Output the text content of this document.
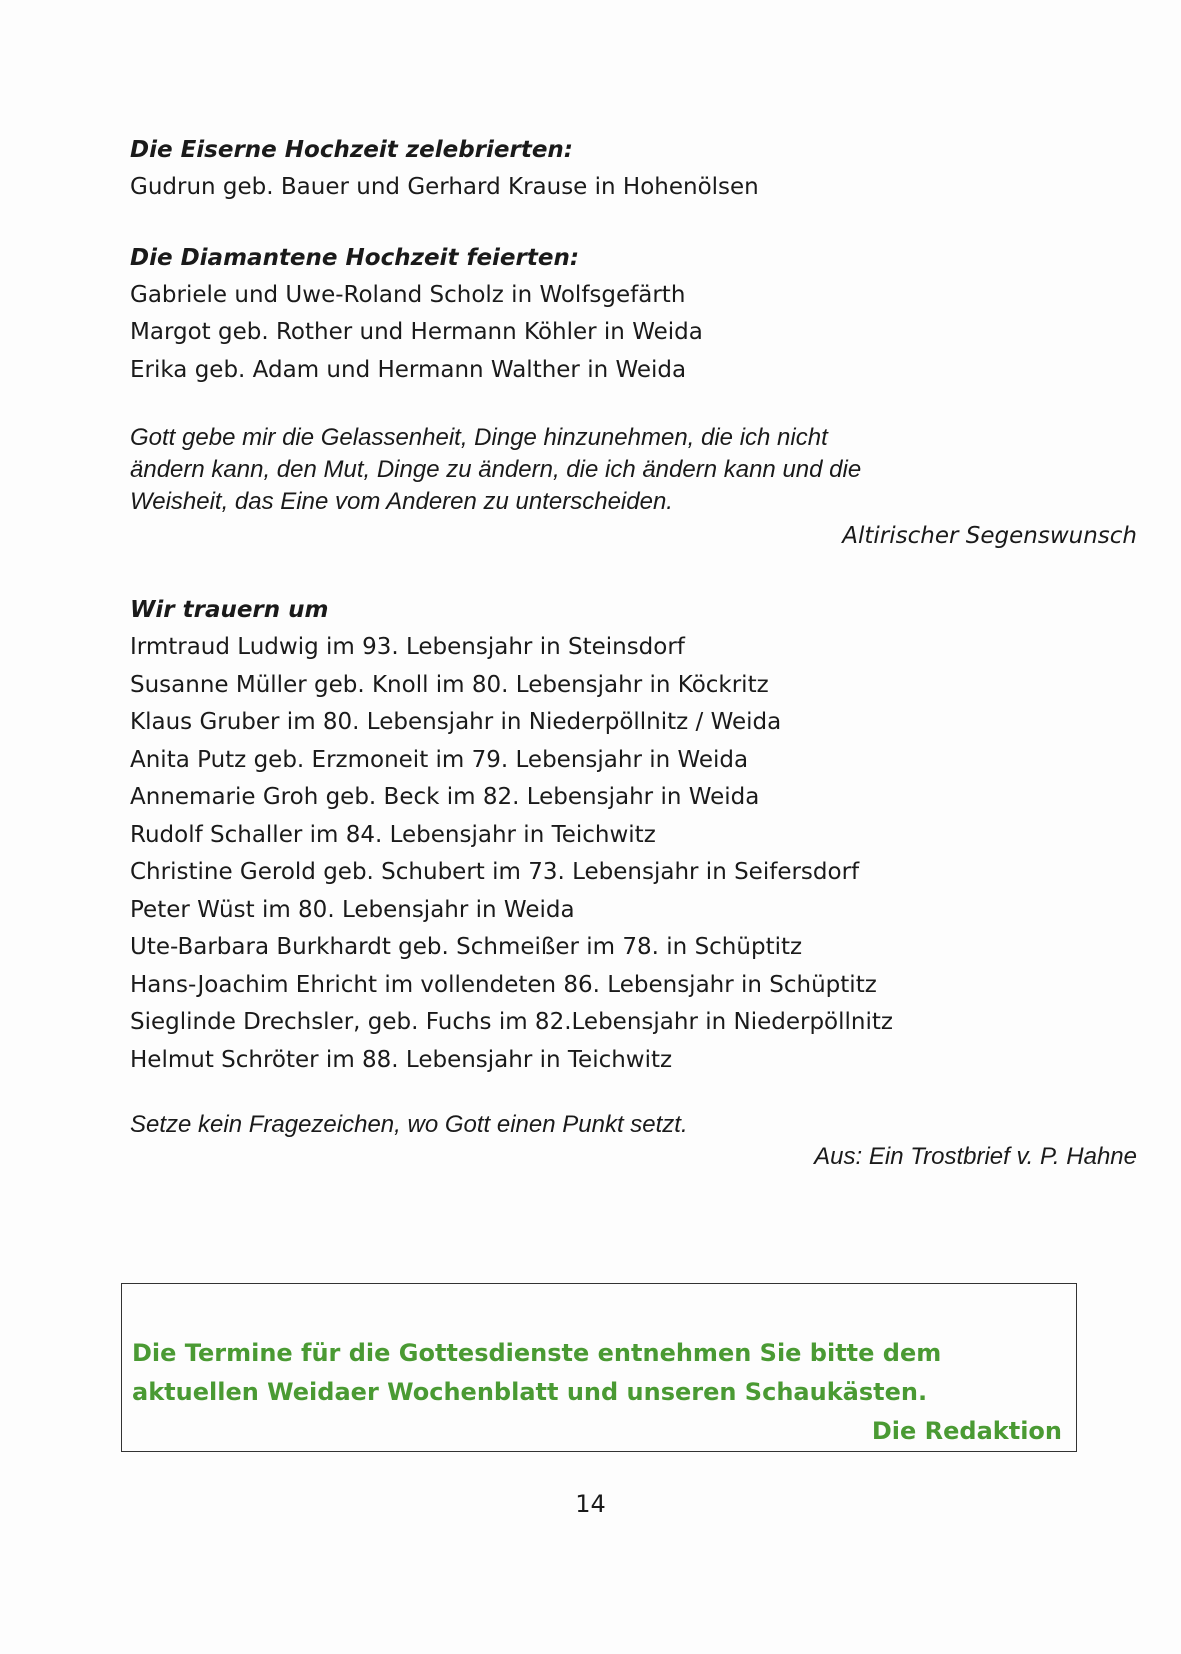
Die Eiserne Hochzeit zelebrierten:

Gudrun geb. Bauer und Gerhard Krause in Hohenölsen

Die Diamantene Hochzeit feierten:

Gabriele und Uwe-Roland Scholz in Wolfsgefärth

Margot geb. Rother und Hermann Köhler in Weida

Erika geb. Adam und Hermann Walther in Weida

Gott gebe mir die Gelassenheit, Dinge hinzunehmen, die ich nicht

ändern kann, den Mut, Dinge zu ändern, die ich ändern kann und die

Weisheit, das Eine vom Anderen zu unterscheiden.

Altirischer Segenswunsch

Wir trauern um

Irmtraud Ludwig im 93. Lebensjahr in Steinsdorf

Susanne Müller geb. Knoll im 80. Lebensjahr in Köckritz

Klaus Gruber im 80. Lebensjahr in Niederpöllnitz / Weida

Anita Putz geb. Erzmoneit im 79. Lebensjahr in Weida

Annemarie Groh geb. Beck im 82. Lebensjahr in Weida

Rudolf Schaller im 84. Lebensjahr in Teichwitz

Christine Gerold geb. Schubert im 73. Lebensjahr in Seifersdorf

Peter Wüst im 80. Lebensjahr in Weida

Ute-Barbara Burkhardt geb. Schmeißer im 78. in Schüptitz

Hans-Joachim Ehricht im vollendeten 86. Lebensjahr in Schüptitz

Sieglinde Drechsler, geb. Fuchs im 82.Lebensjahr in Niederpöllnitz

Helmut Schröter im 88. Lebensjahr in Teichwitz

Setze kein Fragezeichen, wo Gott einen Punkt setzt.

Aus: Ein Trostbrief v. P. Hahne

Die Termine für die Gottesdienste entnehmen Sie bitte dem

aktuellen Weidaer Wochenblatt und unseren Schaukästen.

Die Redaktion

14
